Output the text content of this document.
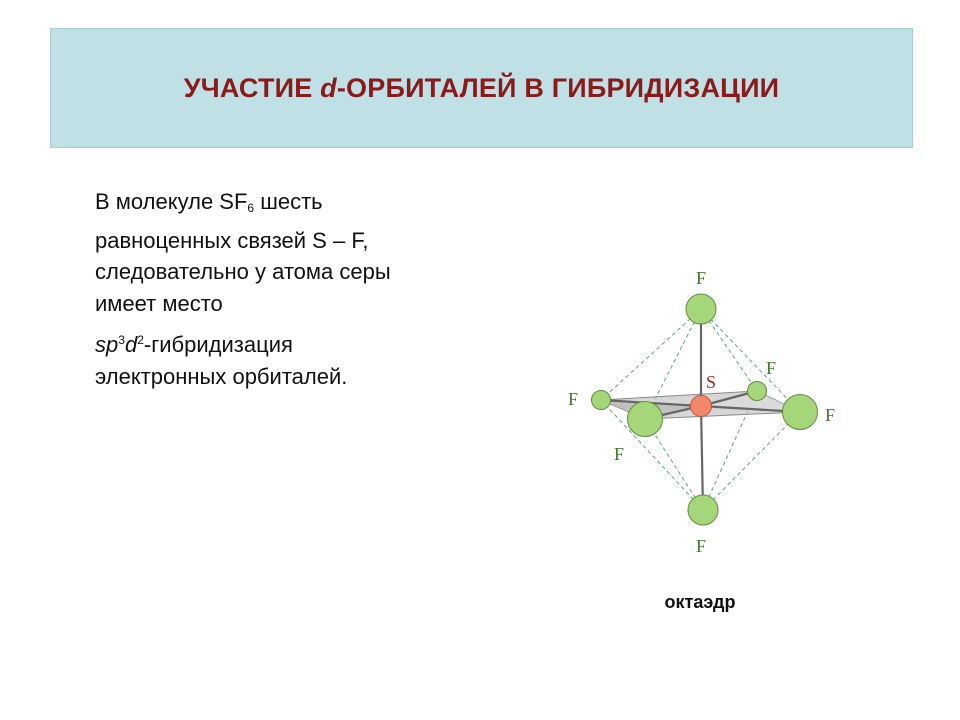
УЧАСТИЕ d-ОРБИТАЛЕЙ В ГИБРИДИЗАЦИИ

В молекуле $SF_6$ шесть
равноценных связей S – F,
следовательно у атома серы
имеет место

$sp^3d^2$-гибридизация
электронных орбиталей.

F
F
S
F
F
F
F
октаэдр
